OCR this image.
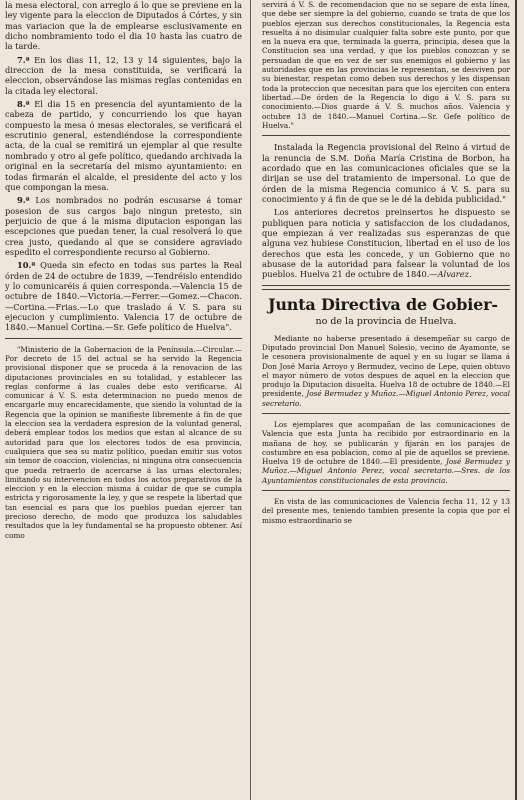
la mesa electoral, con arreglo á lo que se previene en la ley vigente para la eleccion de Diputados á Córtes, y sin mas variacion que la de emplearse esclusivamente en dicho nombramiento todo el dia 10 hasta las cuatro de la tarde.

7.ª En los dias 11, 12, 13 y 14 siguientes, bajo la direccion de la mesa constituida, se verificará la eleccion, observándose las mismas reglas contenidas en la citada ley electoral.

8.ª El dia 15 en presencia del ayuntamiento de la cabeza de partido, y concurriendo los que hayan compuesto la mesa ó mesas electorales, se verificará el escrutinio general, estendiéndose la correspondiente acta, de la cual se remitirá un ejemplar al que resulte nombrado y otro al gefe político, quedando archivada la original en la secretaría del mismo ayuntamiento: en todas firmarán el alcalde, el presidente del acto y los que compongan la mesa.

9.ª Los nombrados no podrán escusarse á tomar posesion de sus cargos bajo ningun pretesto, sin perjuicio de que á la misma diputacion espongan las escepciones que puedan tener, la cual resolverá lo que crea justo, quedando al que se considere agraviado espedito el correspondiente recurso al Gobierno.

10.ª Queda sin efecto en todas sus partes la Real órden de 24 de octubre de 1839, —Tendréislo entendido y lo comunicaréis á quien corresponda.—Valencia 15 de octubre de 1840.—Victoria.—Ferrer.—Gomez.—Chacon.—Cortina.—Frias.—Lo que traslado á V. S. para su ejecucion y cumplimiento. Valencia 17 de octubre de 1840.—Manuel Cortina.—Sr. Gefe político de Huelva".

"Ministerio de la Gobernacion de la Península.—Circular.—Por decreto de 15 del actual se ha servido la Regencia provisional disponer que se proceda á la renovacion de las diputaciones provinciales en su totalidad, y establecer las reglas conforme á las cuales debe esto verificarse. Al comunicar á V. S. esta determinacion no puedo menos de encargarle muy encarecidamente, que siendo la voluntad de la Regencia que la opinion se manifieste libremente á fin de que la eleccion sea la verdadera espresion de la voluntad general, deberá emplear todos los medios que estan al alcance de su autoridad para que los electores todos de esa provincia, cualquiera que sea su matiz político, puedan emitir sus votos sin temor de coaccion, violencias, ni ninguna otra consecuencia que pueda retraerlo de acercarse á las urnas electorales; limitando su intervencion en todos los actos preparativos de la eleccion y en la eleccion misma á cuidar de que se cumpla estricta y rigorosamente la ley, y que se respete la libertad que tan esencial es para que los pueblos puedan ejercer tan precioso derecho, de modo que produzca los saludables resultados que la ley fundamental se ha propuesto obtener. Así como

servirá á V. S. de recomendacion que no se separe de esta línea, que debe ser siempre la del gobierno, cuando se trata de que los pueblos ejerzan sus derechos constitucionales, la Regencia esta resuelta á no disimular cualquier falta sobre este punto, por que en la nueva era que, terminada la guerra, principia, desea que la Constitucion sea una verdad, y que los pueblos conozcan y se persuadan de que en vez de ser sus enemigos el gobierno y las autoridades que en las provincias le representan, se desviven por su bienestar, respetan como deben sus derechos y les dispensan toda la proteccion que necesitan para que los ejerciten con entera libertad.—De órden de la Regencia lo digo á V. S. para su conocimiento.—Dios guarde á V. S. muchos años. Valencia y octubre 13 de 1840.—Manuel Cortina.—Sr. Gefe político de Huelva."

Instalada la Regencia provisional del Reino á virtud de la renuncia de S.M. Doña María Cristina de Borbon, ha acordado que en las comunicaciones oficiales que se la dirijan se use del tratamiento de impersonal. Lo que de órden de la misma Regencia comunico á V. S. para su conocimiento y á fin de que se le dé la debida publicidad."

Los anteriores decretos preinsertos he dispuesto se publiquen para noticia y satisfaccion de los ciudadanos, que empiezan á ver realizadas sus esperanzas de que alguna vez hubiese Constitucion, libertad en el uso de los derechos que esta les concede, y un Gobierno que no abusase de la autoridad para falsear la voluntad de los pueblos. Huelva 21 de octubre de 1840.—Alvarez.

Junta Directiva de Gobier-
no de la provincia de Huelva.

Mediante no haberse presentado á desempeñar su cargo de Diputado provincial Don Manuel Solesio, vecino de Ayamonte, se le cesonera provisionalmente de aquel y en su lugar se llama á Don José María Arroyo y Bermudez, vecino de Lepe, quien obtuvo el mayor número de votos despues de aquel en la eleccion que produjo la Diputacion disuelta. Huelva 18 de octubre de 1840.—El presidente, José Bermudez y Muñoz.—Miguel Antonio Perez, vocal secretario.

Los ejemplares que acompañan de las comunicaciones de Valencia que esta Junta ha recibido por estraordinario en la mañana de hoy, se publicarán y fijarán en los parajes de costumbre en esa poblacion, como al pie de aquellos se previene. Huelva 19 de octubre de 1840.—El presidente, José Bermudez y Muñoz.—Miguel Antonio Perez, vocal secretario.—Sres. de los Ayuntamientos constitucionales de esta provincia.

En vista de las comunicaciones de Valencia fecha 11, 12 y 13 del presente mes, teniendo tambien presente la copia que por el mismo estraordinario se
